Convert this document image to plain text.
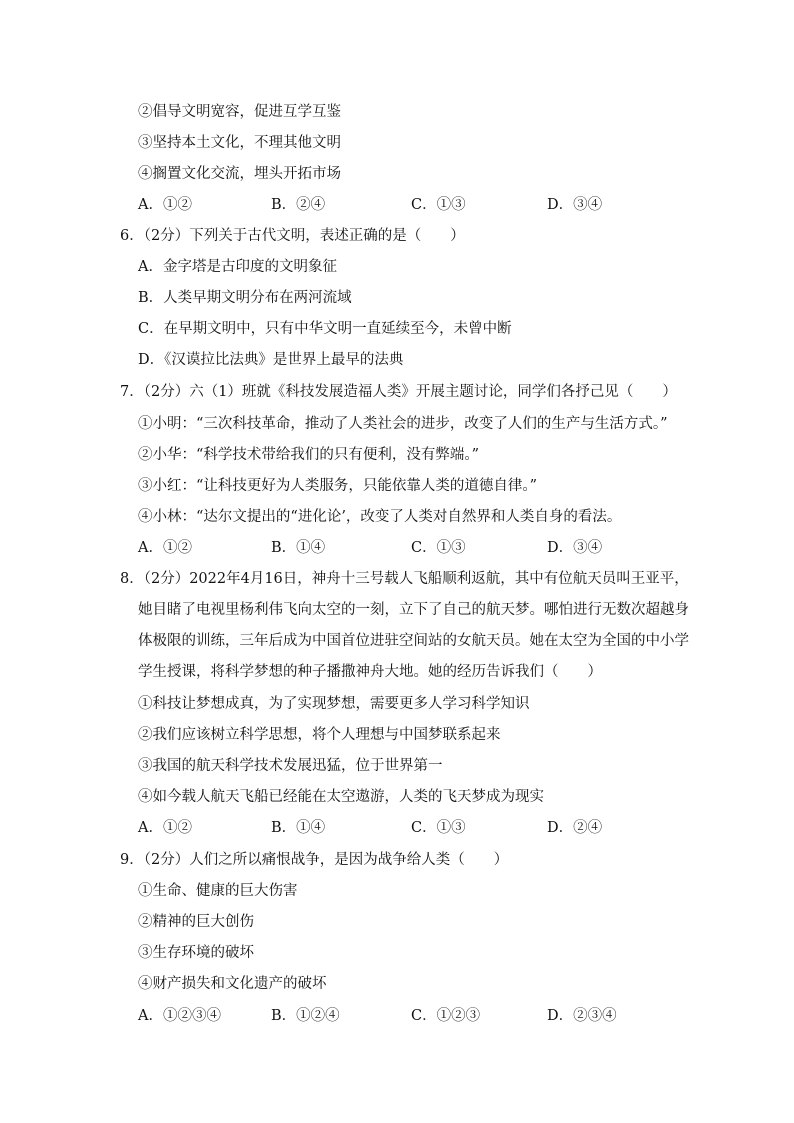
②倡导文明宽容，促进互学互鉴
③坚持本土文化，不理其他文明
④搁置文化交流，埋头开拓市场
A．①②	B．②④	C．①③	D．③④
6．（2分）下列关于古代文明，表述正确的是（　　）
A．金字塔是古印度的文明象征
B．人类早期文明分布在两河流域
C．在早期文明中，只有中华文明一直延续至今，未曾中断
D．《汉谟拉比法典》是世界上最早的法典
7．（2分）六（1）班就《科技发展造福人类》开展主题讨论，同学们各抒己见（　　）
①小明：“三次科技革命，推动了人类社会的进步，改变了人们的生产与生活方式。”
②小华：“科学技术带给我们的只有便利，没有弊端。”
③小红：“让科技更好为人类服务，只能依靠人类的道德自律。”
④小林：“达尔文提出的“进化论’，改变了人类对自然界和人类自身的看法。
A．①②	B．①④	C．①③	D．③④
8．（2分）2022年4月16日，神舟十三号载人飞船顺利返航，其中有位航天员叫王亚平，
她目睹了电视里杨利伟飞向太空的一刻，立下了自己的航天梦。哪怕进行无数次超越身
体极限的训练，三年后成为中国首位进驻空间站的女航天员。她在太空为全国的中小学
学生授课，将科学梦想的种子播撒神舟大地。她的经历告诉我们（　　）
①科技让梦想成真，为了实现梦想，需要更多人学习科学知识
②我们应该树立科学思想，将个人理想与中国梦联系起来
③我国的航天科学技术发展迅猛，位于世界第一
④如今载人航天飞船已经能在太空遨游，人类的飞天梦成为现实
A．①②	B．①④	C．①③	D．②④
9．（2分）人们之所以痛恨战争，是因为战争给人类（　　）
①生命、健康的巨大伤害
②精神的巨大创伤
③生存环境的破坏
④财产损失和文化遗产的破坏
A．①②③④	B．①②④	C．①②③	D．②③④
